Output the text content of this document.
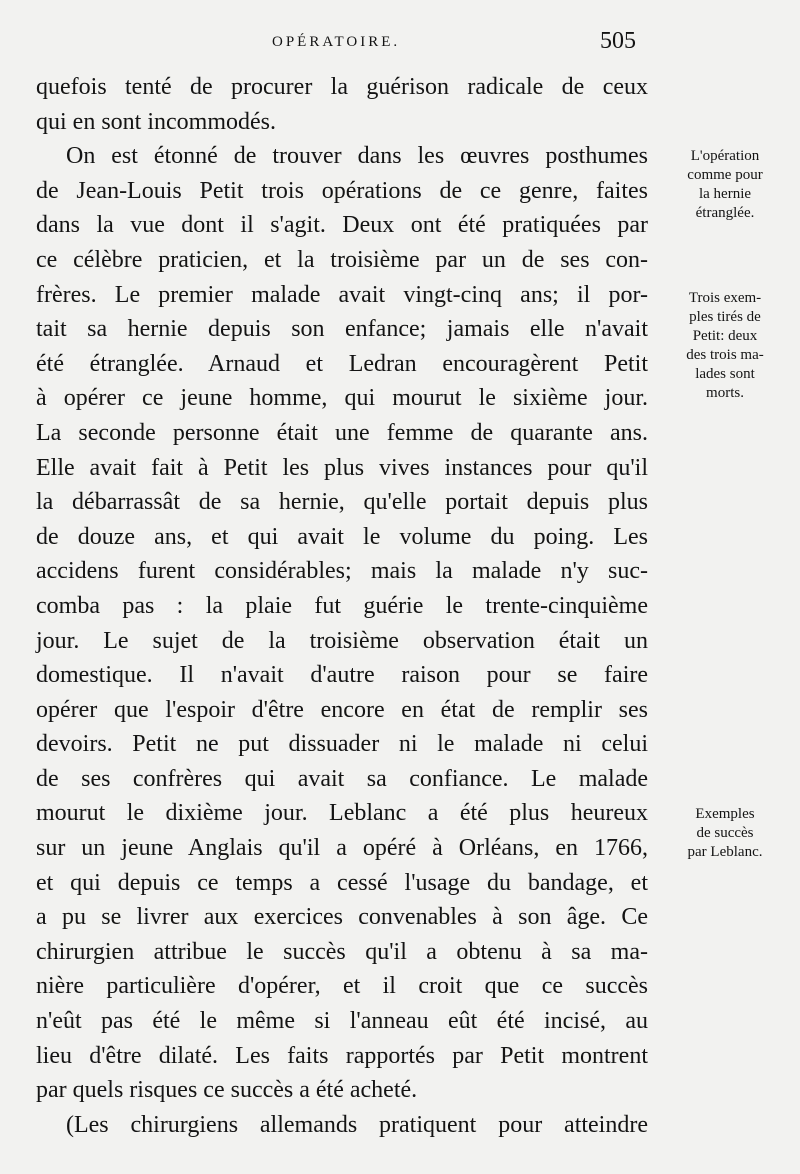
OPÉRATOIRE.	505
quefois tenté de procurer la guérison radicale de ceux
qui en sont incommodés.
On est étonné de trouver dans les œuvres posthumes
de Jean-Louis Petit trois opérations de ce genre, faites
dans la vue dont il s'agit. Deux ont été pratiquées par
ce célèbre praticien, et la troisième par un de ses con-
frères. Le premier malade avait vingt-cinq ans; il por-
tait sa hernie depuis son enfance; jamais elle n'avait
été étranglée. Arnaud et Ledran encouragèrent Petit
à opérer ce jeune homme, qui mourut le sixième jour.
La seconde personne était une femme de quarante ans.
Elle avait fait à Petit les plus vives instances pour qu'il
la débarrassât de sa hernie, qu'elle portait depuis plus
de douze ans, et qui avait le volume du poing. Les
accidens furent considérables; mais la malade n'y suc-
comba pas : la plaie fut guérie le trente-cinquième
jour. Le sujet de la troisième observation était un
domestique. Il n'avait d'autre raison pour se faire
opérer que l'espoir d'être encore en état de remplir ses
devoirs. Petit ne put dissuader ni le malade ni celui
de ses confrères qui avait sa confiance. Le malade
mourut le dixième jour. Leblanc a été plus heureux
sur un jeune Anglais qu'il a opéré à Orléans, en 1766,
et qui depuis ce temps a cessé l'usage du bandage, et
a pu se livrer aux exercices convenables à son âge. Ce
chirurgien attribue le succès qu'il a obtenu à sa ma-
nière particulière d'opérer, et il croit que ce succès
n'eût pas été le même si l'anneau eût été incisé, au
lieu d'être dilaté. Les faits rapportés par Petit montrent
par quels risques ce succès a été acheté.
(Les chirurgiens allemands pratiquent pour atteindre
L'opération
comme pour
la hernie
étranglée.
Trois exem-
ples tirés de
Petit: deux
des trois ma-
lades sont
morts.
Exemples
de succès
par Leblanc.
